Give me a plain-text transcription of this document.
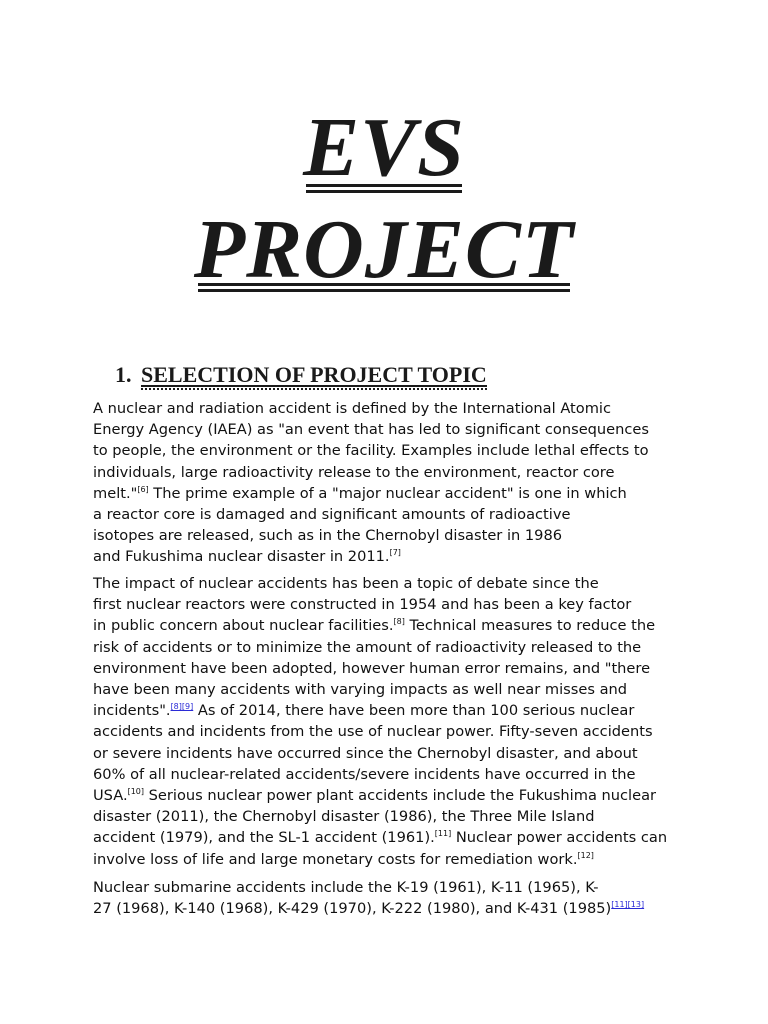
EVS
PROJECT
1. SELECTION OF PROJECT TOPIC
A nuclear and radiation accident is defined by the International Atomic
Energy Agency (IAEA) as "an event that has led to significant consequences
to people, the environment or the facility. Examples include lethal effects to
individuals, large radioactivity release to the environment, reactor core
melt."[6] The prime example of a "major nuclear accident" is one in which
a reactor core is damaged and significant amounts of radioactive
isotopes are released, such as in the Chernobyl disaster in 1986
and Fukushima nuclear disaster in 2011.[7]
The impact of nuclear accidents has been a topic of debate since the
first nuclear reactors were constructed in 1954 and has been a key factor
in public concern about nuclear facilities.[8] Technical measures to reduce the
risk of accidents or to minimize the amount of radioactivity released to the
environment have been adopted, however human error remains, and "there
have been many accidents with varying impacts as well near misses and
incidents".[8][9] As of 2014, there have been more than 100 serious nuclear
accidents and incidents from the use of nuclear power. Fifty-seven accidents
or severe incidents have occurred since the Chernobyl disaster, and about
60% of all nuclear-related accidents/severe incidents have occurred in the
USA.[10] Serious nuclear power plant accidents include the Fukushima nuclear
disaster (2011), the Chernobyl disaster (1986), the Three Mile Island
accident (1979), and the SL-1 accident (1961).[11] Nuclear power accidents can
involve loss of life and large monetary costs for remediation work.[12]
Nuclear submarine accidents include the K-19 (1961), K-11 (1965), K-
27 (1968), K-140 (1968), K-429 (1970), K-222 (1980), and K-431 (1985)[11][13]
